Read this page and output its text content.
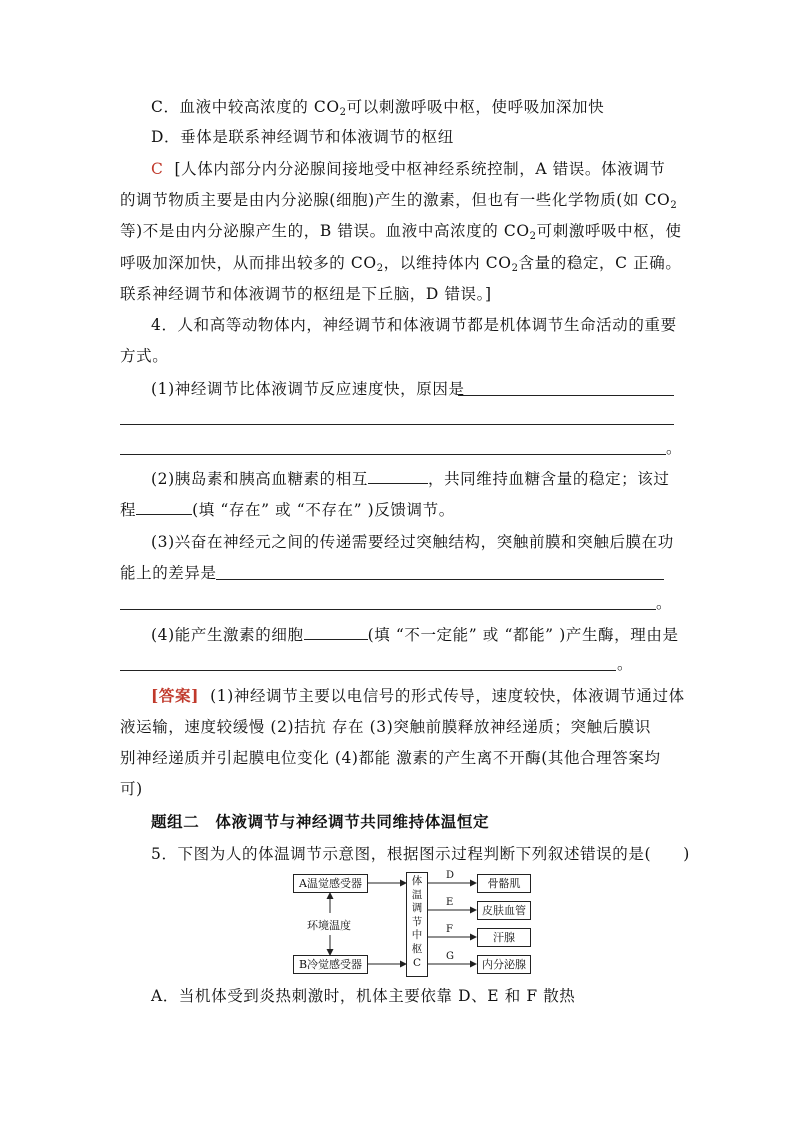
C．血液中较高浓度的 $CO_2$可以刺激呼吸中枢，使呼吸加深加快
D．垂体是联系神经调节和体液调节的枢纽
C [人体内部分内分泌腺间接地受中枢神经系统控制，A 错误。体液调节
的调节物质主要是由内分泌腺(细胞)产生的激素，但也有一些化学物质(如 $CO_2$
等)不是由内分泌腺产生的，B 错误。血液中高浓度的 $CO_2$可刺激呼吸中枢，使
呼吸加深加快，从而排出较多的 $CO_2$，以维持体内 $CO_2$含量的稳定，C 正确。
联系神经调节和体液调节的枢纽是下丘脑，D 错误。]
4．人和高等动物体内，神经调节和体液调节都是机体调节生命活动的重要
方式。
(1)神经调节比体液调节反应速度快，原因是
。
(2)胰岛素和胰高血糖素的相互	，共同维持血糖含量的稳定；该过
程	(填 “存在” 或 “不存在” )反馈调节。
(3)兴奋在神经元之间的传递需要经过突触结构，突触前膜和突触后膜在功
能上的差异是
。
(4)能产生激素的细胞	(填 “不一定能” 或 “都能” )产生酶，理由是
。
[答案] (1)神经调节主要以电信号的形式传导，速度较快，体液调节通过体
液运输，速度较缓慢 (2)拮抗 存在 (3)突触前膜释放神经递质；突触后膜识
别神经递质并引起膜电位变化 (4)都能 激素的产生离不开酶(其他合理答案均
可)
题组二　体液调节与神经调节共同维持体温恒定
5．下图为人的体温调节示意图，根据图示过程判断下列叙述错误的是(　　)
A温觉感受器
B冷觉感受器
环境温度
体
温
调
节
中
枢
C
D
E
F
G
骨骼肌
皮肤血管
汗腺
内分泌腺
A．当机体受到炎热刺激时，机体主要依靠 D、E 和 F 散热
